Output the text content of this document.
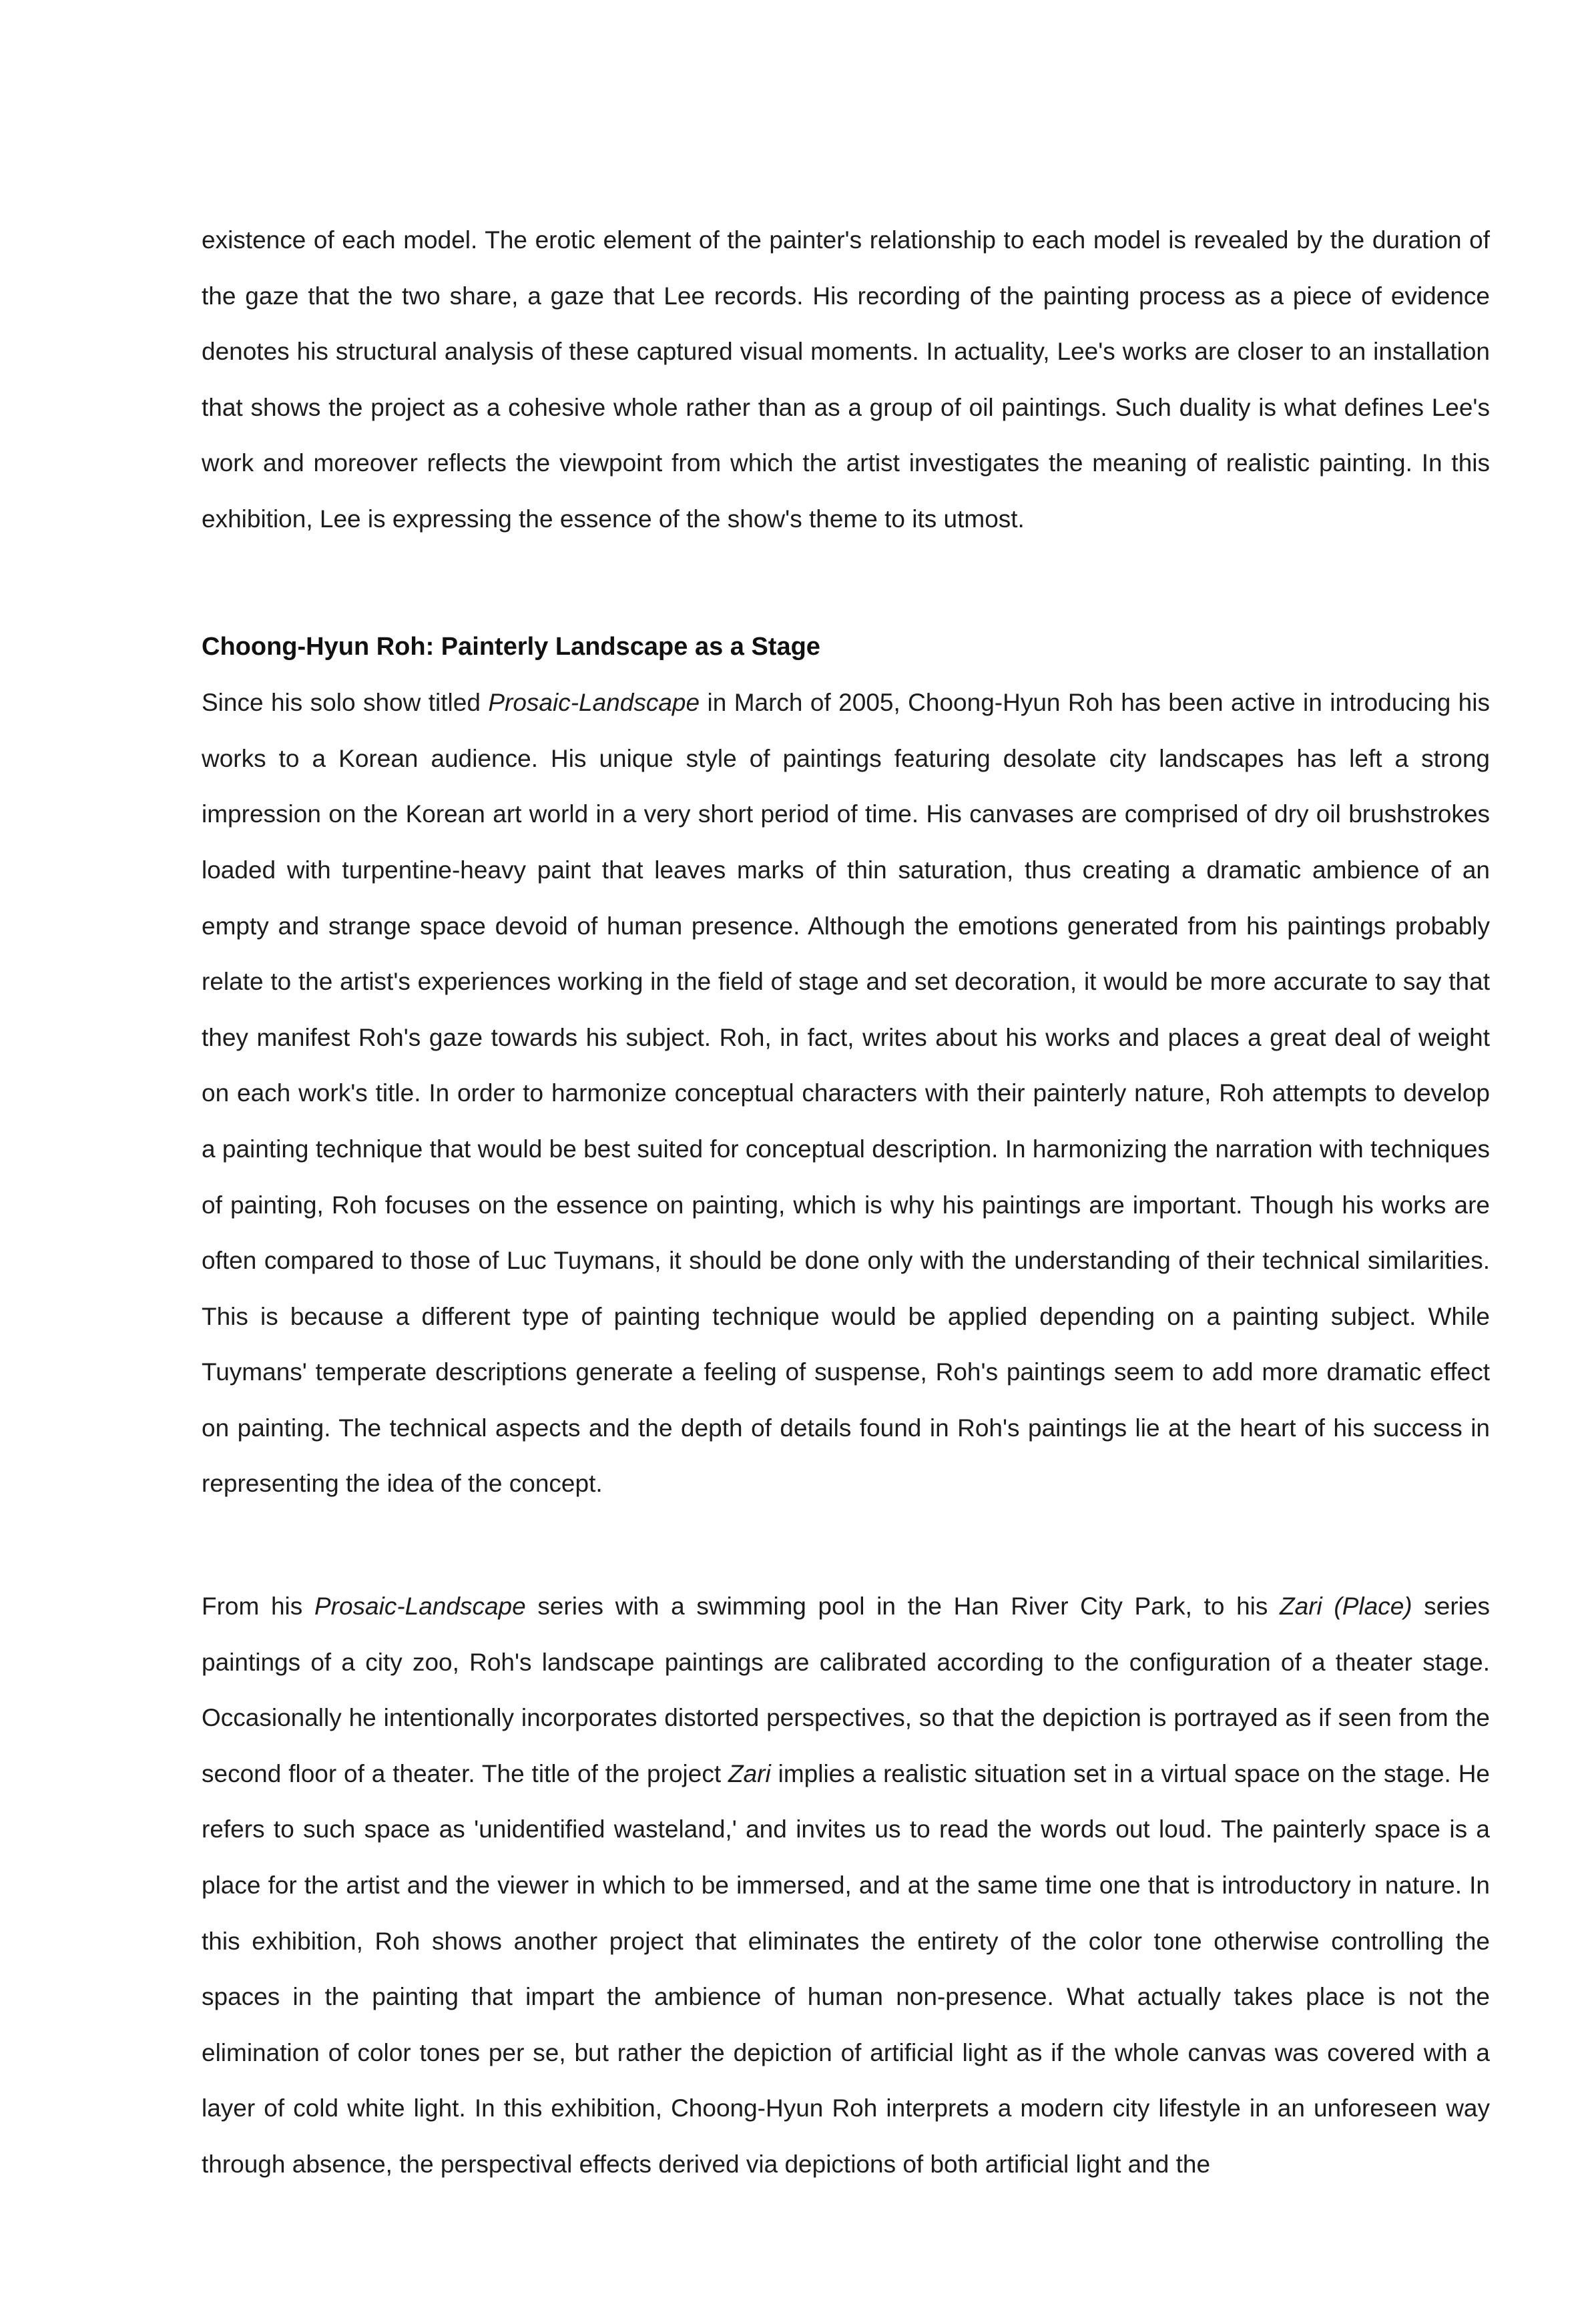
existence of each model. The erotic element of the painter's relationship to each model is revealed by the duration of the gaze that the two share, a gaze that Lee records. His recording of the painting process as a piece of evidence denotes his structural analysis of these captured visual moments. In actuality, Lee's works are closer to an installation that shows the project as a cohesive whole rather than as a group of oil paintings. Such duality is what defines Lee's work and moreover reflects the viewpoint from which the artist investigates the meaning of realistic painting. In this exhibition, Lee is expressing the essence of the show's theme to its utmost.

Choong-Hyun Roh: Painterly Landscape as a Stage

Since his solo show titled Prosaic-Landscape in March of 2005, Choong-Hyun Roh has been active in introducing his works to a Korean audience. His unique style of paintings featuring desolate city landscapes has left a strong impression on the Korean art world in a very short period of time. His canvases are comprised of dry oil brushstrokes loaded with turpentine-heavy paint that leaves marks of thin saturation, thus creating a dramatic ambience of an empty and strange space devoid of human presence. Although the emotions generated from his paintings probably relate to the artist's experiences working in the field of stage and set decoration, it would be more accurate to say that they manifest Roh's gaze towards his subject. Roh, in fact, writes about his works and places a great deal of weight on each work's title. In order to harmonize conceptual characters with their painterly nature, Roh attempts to develop a painting technique that would be best suited for conceptual description. In harmonizing the narration with techniques of painting, Roh focuses on the essence on painting, which is why his paintings are important. Though his works are often compared to those of Luc Tuymans, it should be done only with the understanding of their technical similarities. This is because a different type of painting technique would be applied depending on a painting subject. While Tuymans' temperate descriptions generate a feeling of suspense, Roh's paintings seem to add more dramatic effect on painting. The technical aspects and the depth of details found in Roh's paintings lie at the heart of his success in representing the idea of the concept.

From his Prosaic-Landscape series with a swimming pool in the Han River City Park, to his Zari (Place) series paintings of a city zoo, Roh's landscape paintings are calibrated according to the configuration of a theater stage. Occasionally he intentionally incorporates distorted perspectives, so that the depiction is portrayed as if seen from the second floor of a theater. The title of the project Zari implies a realistic situation set in a virtual space on the stage. He refers to such space as 'unidentified wasteland,' and invites us to read the words out loud. The painterly space is a place for the artist and the viewer in which to be immersed, and at the same time one that is introductory in nature. In this exhibition, Roh shows another project that eliminates the entirety of the color tone otherwise controlling the spaces in the painting that impart the ambience of human non-presence. What actually takes place is not the elimination of color tones per se, but rather the depiction of artificial light as if the whole canvas was covered with a layer of cold white light. In this exhibition, Choong-Hyun Roh interprets a modern city lifestyle in an unforeseen way through absence, the perspectival effects derived via depictions of both artificial light and the
